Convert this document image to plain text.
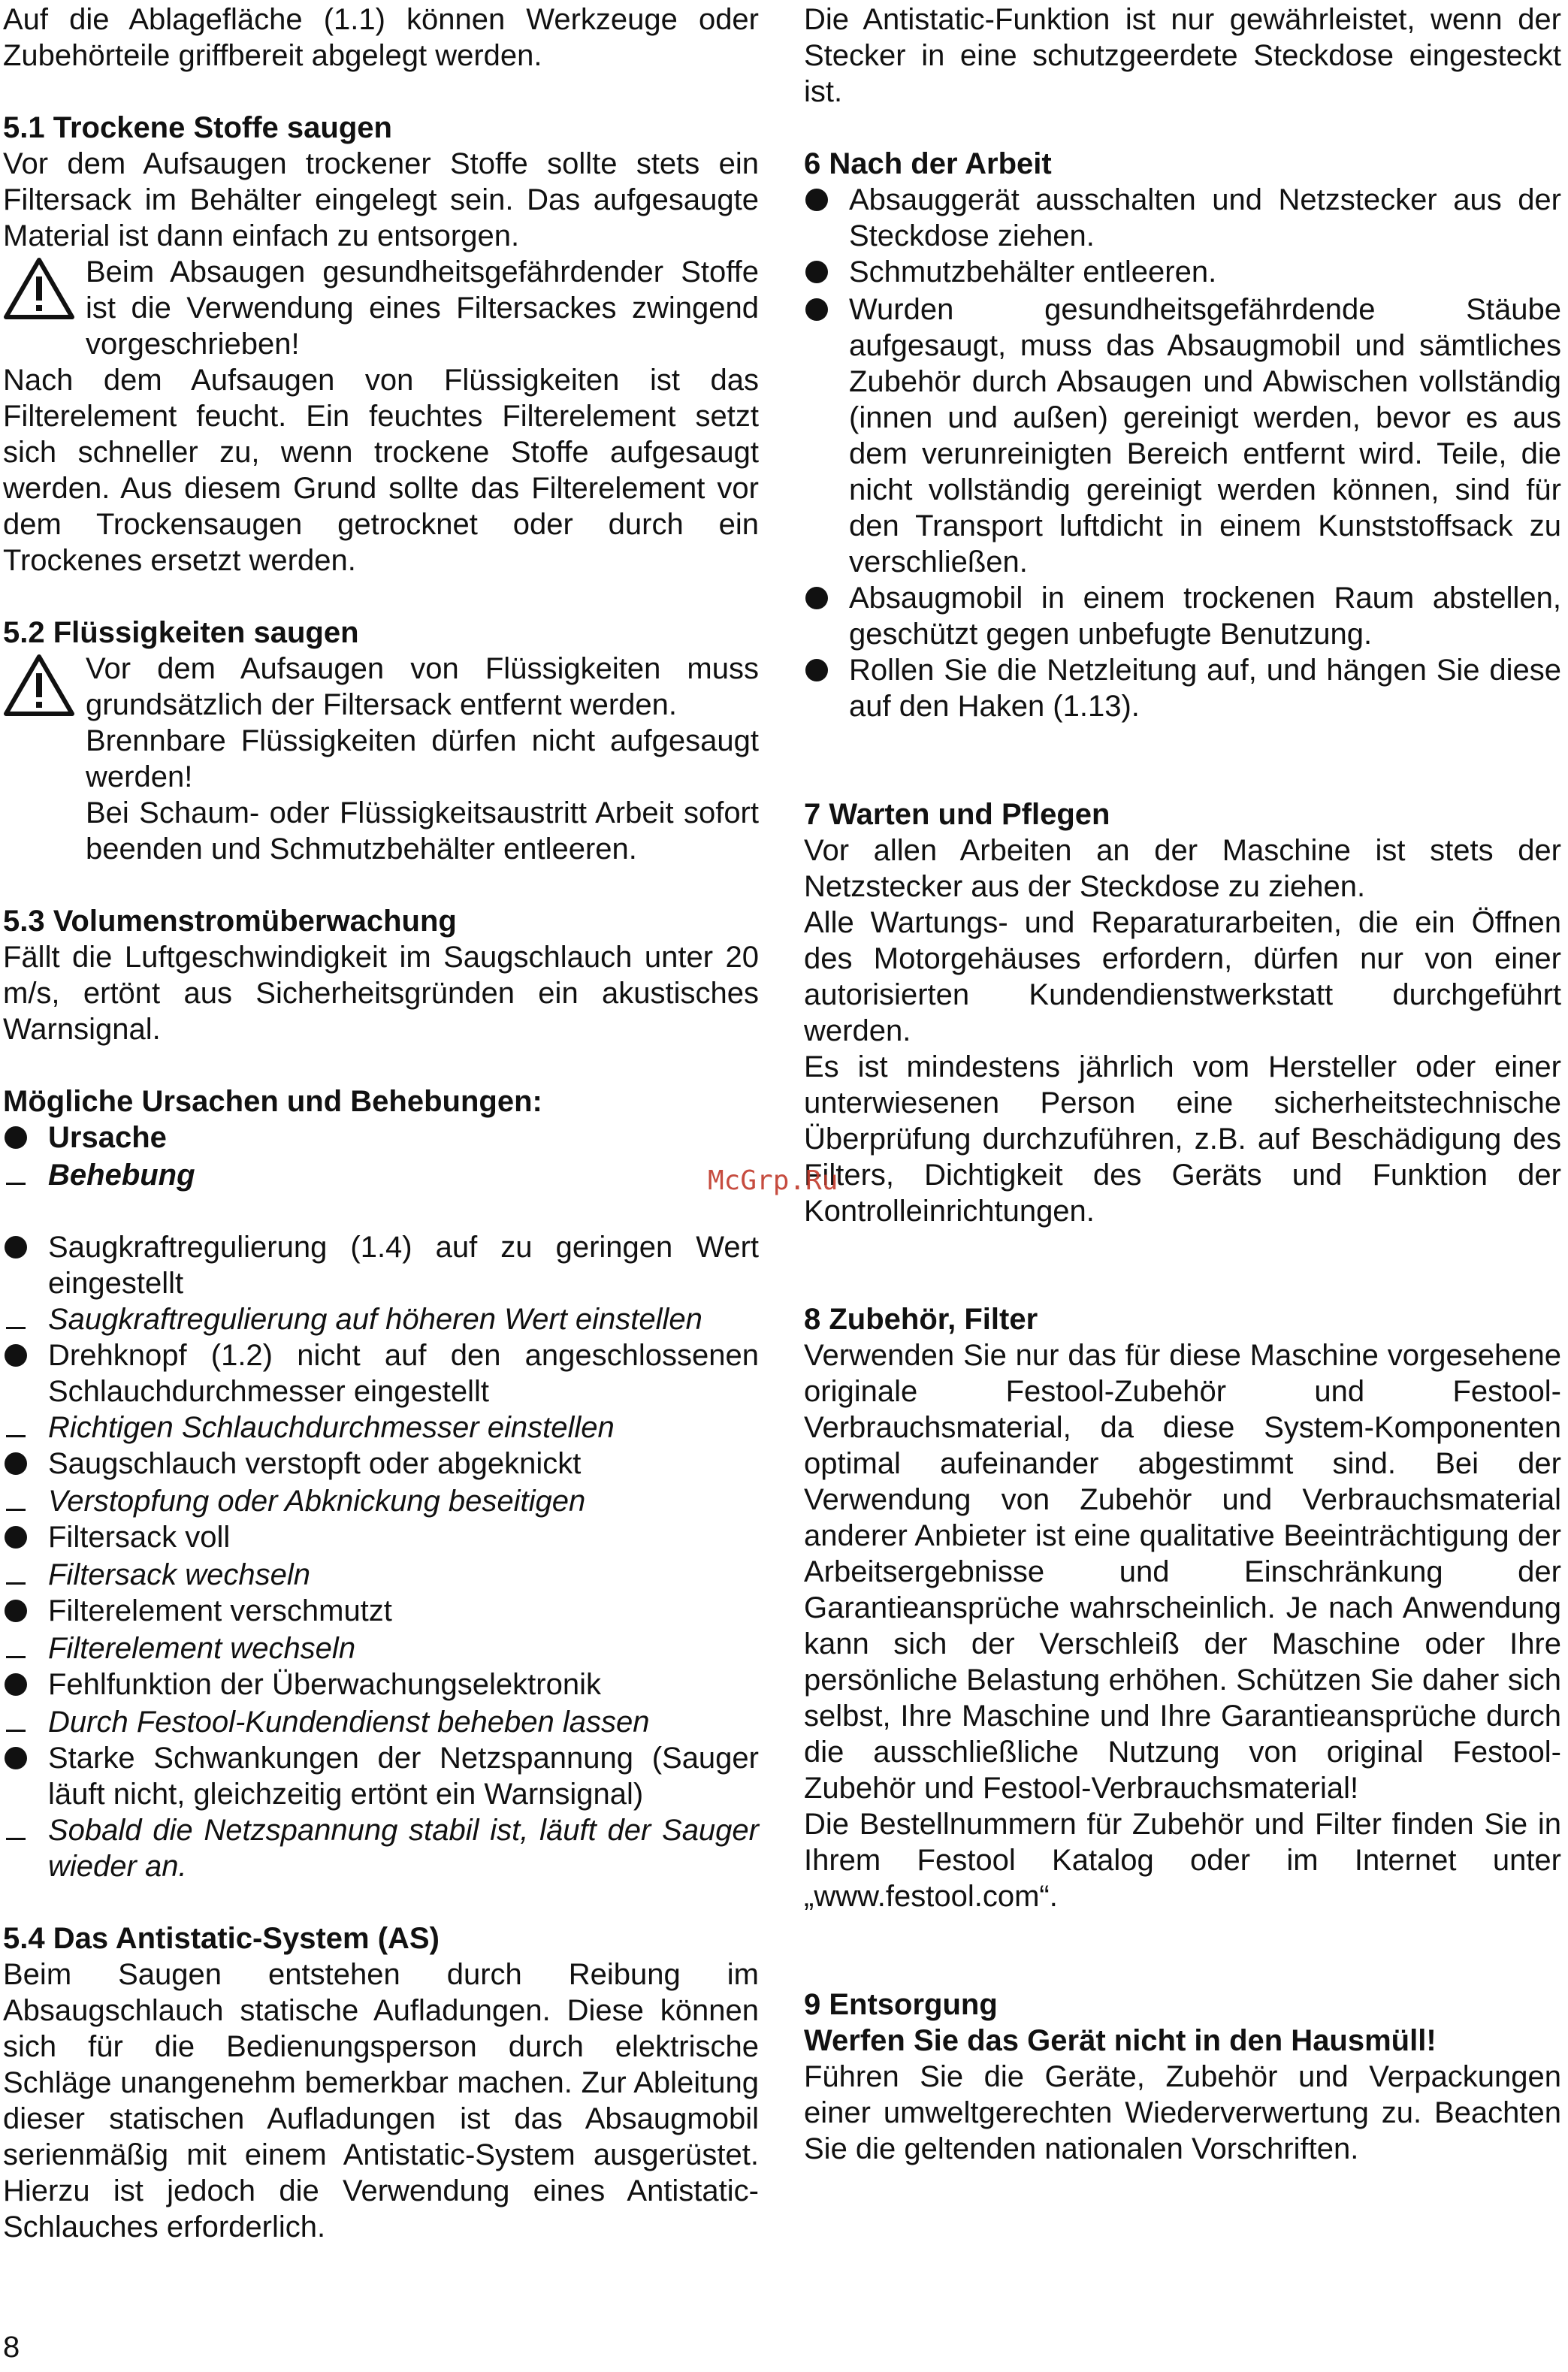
Auf die Ablagefläche (1.1) können Werkzeuge oder Zubehörteile griffbereit abgelegt werden.

5.1 Trockene Stoffe saugen

Vor dem Aufsaugen trockener Stoffe sollte stets ein Filtersack im Behälter eingelegt sein. Das aufgesaugte Material ist dann einfach zu entsorgen.

Beim Absaugen gesundheitsgefährdender Stoffe ist die Verwendung eines Filtersackes zwingend vorgeschrieben!

Nach dem Aufsaugen von Flüssigkeiten ist das Filterelement feucht. Ein feuchtes Filterelement setzt sich schneller zu, wenn trockene Stoffe aufgesaugt werden. Aus diesem Grund sollte das Filterelement vor dem Trockensaugen getrocknet oder durch ein Trockenes ersetzt werden.

5.2 Flüssigkeiten saugen

Vor dem Aufsaugen von Flüssigkeiten muss grundsätzlich der Filtersack entfernt werden.

Brennbare Flüssigkeiten dürfen nicht aufgesaugt werden!

Bei Schaum- oder Flüssigkeitsaustritt Arbeit sofort beenden und Schmutzbehälter entleeren.

5.3 Volumenstromüberwachung

Fällt die Luftgeschwindigkeit im Saugschlauch unter 20 m/s, ertönt aus Sicherheitsgründen ein akustisches Warnsignal.

Mögliche Ursachen und Behebungen:
Ursache
Behebung
Saugkraftregulierung (1.4) auf zu geringen Wert eingestellt
Saugkraftregulierung auf höheren Wert einstellen
Drehknopf (1.2) nicht auf den angeschlossenen Schlauchdurchmesser eingestellt
Richtigen Schlauchdurchmesser einstellen
Saugschlauch verstopft oder abgeknickt
Verstopfung oder Abknickung beseitigen
Filtersack voll
Filtersack wechseln
Filterelement verschmutzt
Filterelement wechseln
Fehlfunktion der Überwachungselektronik
Durch Festool-Kundendienst beheben lassen
Starke Schwankungen der Netzspannung (Sauger läuft nicht, gleichzeitig ertönt ein Warnsignal)
Sobald die Netzspannung stabil ist, läuft der Sauger wieder an.
5.4 Das Antistatic-System (AS)

Beim Saugen entstehen durch Reibung im Absaugschlauch statische Aufladungen. Diese können sich für die Bedienungsperson durch elektrische Schläge unangenehm bemerkbar machen. Zur Ableitung dieser statischen Aufladungen ist das Absaugmobil serienmäßig mit einem Antistatic-System ausgerüstet. Hierzu ist jedoch die Verwendung eines Antistatic-Schlauches erforderlich.

Die Antistatic-Funktion ist nur gewährleistet, wenn der Stecker in eine schutzgeerdete Steckdose eingesteckt ist.

6 Nach der Arbeit
Absauggerät ausschalten und Netzstecker aus der Steckdose ziehen.
Schmutzbehälter entleeren.
Wurden gesundheitsgefährdende Stäube aufgesaugt, muss das Absaugmobil und sämtliches Zubehör durch Absaugen und Abwischen vollständig (innen und außen) gereinigt werden, bevor es aus dem verunreinigten Bereich entfernt wird. Teile, die nicht vollständig gereinigt werden können, sind für den Transport luftdicht in einem Kunststoffsack zu verschließen.
Absaugmobil in einem trockenen Raum abstellen, geschützt gegen unbefugte Benutzung.
Rollen Sie die Netzleitung auf, und hängen Sie diese auf den Haken (1.13).
7 Warten und Pflegen

Vor allen Arbeiten an der Maschine ist stets der Netzstecker aus der Steckdose zu ziehen.

Alle Wartungs- und Reparaturarbeiten, die ein Öffnen des Motorgehäuses erfordern, dürfen nur von einer autorisierten Kundendienstwerkstatt durchgeführt werden.

Es ist mindestens jährlich vom Hersteller oder einer unterwiesenen Person eine sicherheitstechnische Überprüfung durchzuführen, z.B. auf Beschädigung des Filters, Dichtigkeit des Geräts und Funktion der Kontrolleinrichtungen.

8 Zubehör, Filter

Verwenden Sie nur das für diese Maschine vorgesehene originale Festool-Zubehör und Festool-Verbrauchsmaterial, da diese System-Komponenten optimal aufeinander abgestimmt sind. Bei der Verwendung von Zubehör und Verbrauchsmaterial anderer Anbieter ist eine qualitative Beeinträchtigung der Arbeitsergebnisse und Einschränkung der Garantieansprüche wahrscheinlich. Je nach Anwendung kann sich der Verschleiß der Maschine oder Ihre persönliche Belastung erhöhen. Schützen Sie daher sich selbst, Ihre Maschine und Ihre Garantieansprüche durch die ausschließliche Nutzung von original Festool-Zubehör und Festool-Verbrauchsmaterial!

Die Bestellnummern für Zubehör und Filter finden Sie in Ihrem Festool Katalog oder im Internet unter „www.festool.com“.

9 Entsorgung

Werfen Sie das Gerät nicht in den Hausmüll!

Führen Sie die Geräte, Zubehör und Verpackungen einer umweltgerechten Wiederverwertung zu. Beachten Sie die geltenden nationalen Vorschriften.

McGrp.Ru
8
